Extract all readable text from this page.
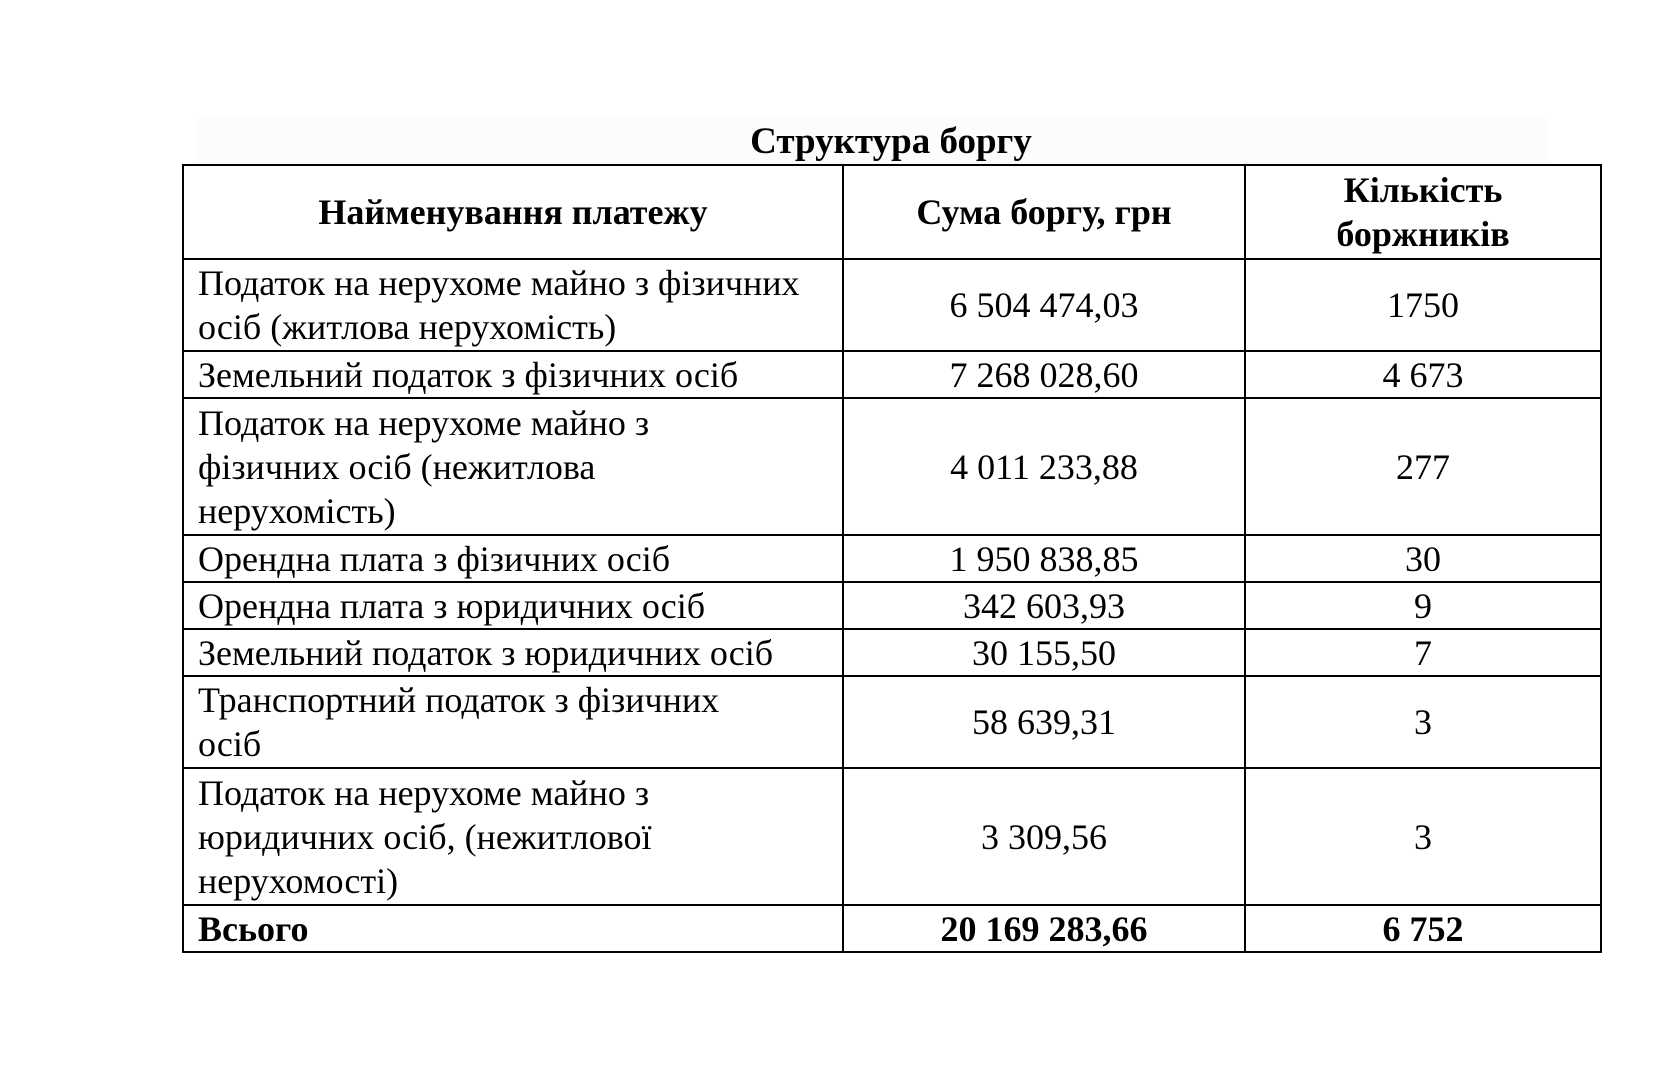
Структура боргу
Найменування платежу	Сума боргу, грн	Кількість боржників
Податок на нерухоме майно з фізичних осіб (житлова нерухомість)	6 504 474,03	1750
Земельний податок з фізичних осіб	7 268 028,60	4 673
Податок на нерухоме майно з фізичних осіб (нежитлова нерухомість)	4 011 233,88	277
Орендна плата з фізичних осіб	1 950 838,85	30
Орендна плата з юридичних осіб	342 603,93	9
Земельний податок з юридичних осіб	30 155,50	7
Транспортний податок з фізичних осіб	58 639,31	3
Податок на нерухоме майно з юридичних осіб, (нежитлової нерухомості)	3 309,56	3
Всього	20 169 283,66	6 752
